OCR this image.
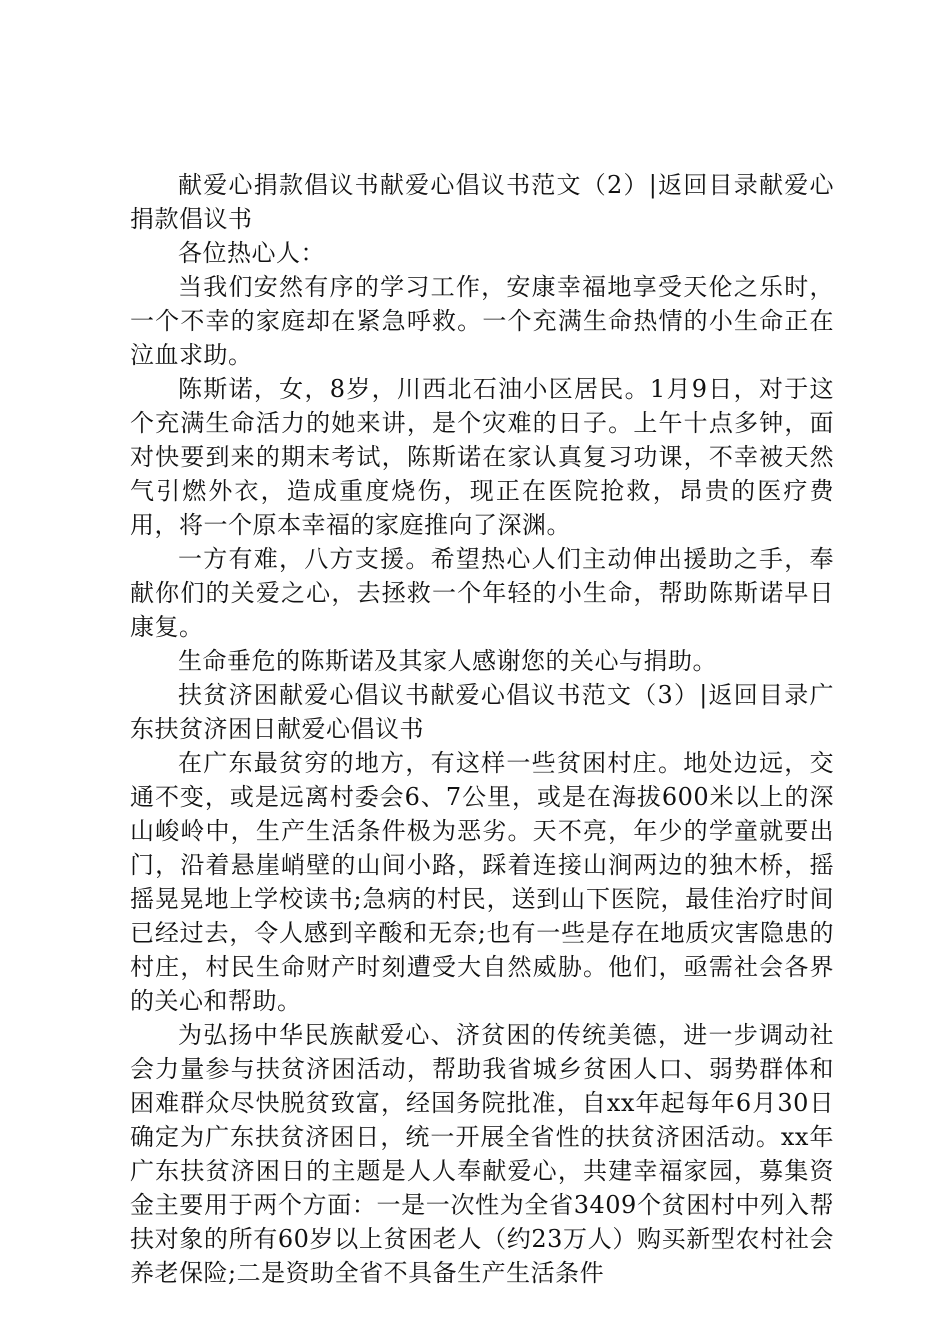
献爱心捐款倡议书献爱心倡议书范文（2）|返回目录献爱心捐款倡议书

各位热心人：

当我们安然有序的学习工作，安康幸福地享受天伦之乐时，一个不幸的家庭却在紧急呼救。一个充满生命热情的小生命正在泣血求助。

陈斯诺，女，8岁，川西北石油小区居民。1月9日，对于这个充满生命活力的她来讲，是个灾难的日子。上午十点多钟，面对快要到来的期末考试，陈斯诺在家认真复习功课，不幸被天然气引燃外衣，造成重度烧伤，现正在医院抢救，昂贵的医疗费用，将一个原本幸福的家庭推向了深渊。

一方有难，八方支援。希望热心人们主动伸出援助之手，奉献你们的关爱之心，去拯救一个年轻的小生命，帮助陈斯诺早日康复。

生命垂危的陈斯诺及其家人感谢您的关心与捐助。

扶贫济困献爱心倡议书献爱心倡议书范文（3）|返回目录广东扶贫济困日献爱心倡议书

在广东最贫穷的地方，有这样一些贫困村庄。地处边远，交通不变，或是远离村委会6、7公里，或是在海拔600米以上的深山峻岭中，生产生活条件极为恶劣。天不亮，年少的学童就要出门，沿着悬崖峭壁的山间小路，踩着连接山涧两边的独木桥，摇摇晃晃地上学校读书;急病的村民，送到山下医院，最佳治疗时间已经过去，令人感到辛酸和无奈;也有一些是存在地质灾害隐患的村庄，村民生命财产时刻遭受大自然威胁。他们，亟需社会各界的关心和帮助。

为弘扬中华民族献爱心、济贫困的传统美德，进一步调动社会力量参与扶贫济困活动，帮助我省城乡贫困人口、弱势群体和困难群众尽快脱贫致富，经国务院批准，自xx年起每年6月30日确定为广东扶贫济困日，统一开展全省性的扶贫济困活动。xx年广东扶贫济困日的主题是人人奉献爱心，共建幸福家园，募集资金主要用于两个方面：一是一次性为全省3409个贫困村中列入帮扶对象的所有60岁以上贫困老人（约23万人）购买新型农村社会养老保险;二是资助全省不具备生产生活条件
